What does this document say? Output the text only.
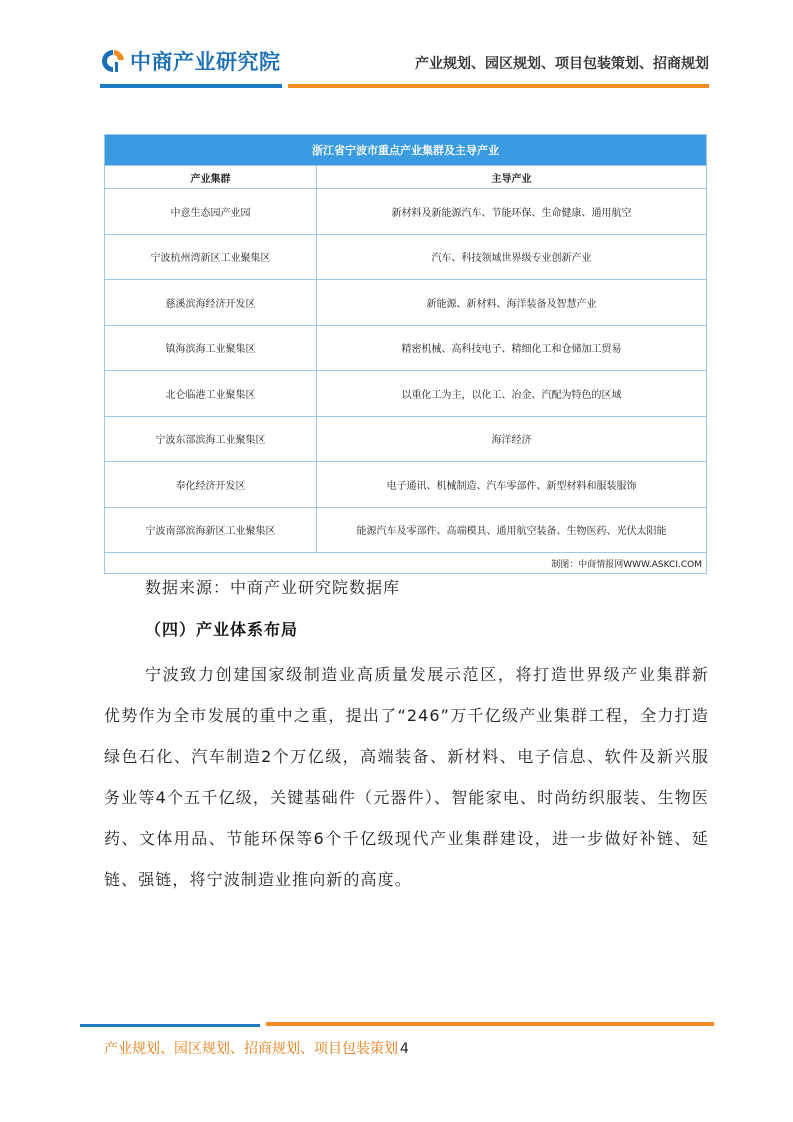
中商产业研究院	产业规划、园区规划、项目包装策划、招商规划
浙江省宁波市重点产业集群及主导产业
产业集群	主导产业
中意生态园产业园	新材料及新能源汽车、节能环保、生命健康、通用航空
宁波杭州湾新区工业聚集区	汽车、科技领域世界级专业创新产业
慈溪滨海经济开发区	新能源、新材料、海洋装备及智慧产业
镇海滨海工业聚集区	精密机械、高科技电子、精细化工和仓储加工贸易
北仑临港工业聚集区	以重化工为主，以化工、冶金、汽配为特色的区域
宁波东部滨海工业聚集区	海洋经济
奉化经济开发区	电子通讯、机械制造、汽车零部件、新型材料和服装服饰
宁波南部滨海新区工业聚集区	能源汽车及零部件、高端模具、通用航空装备、生物医药、光伏太阳能
制图：中商情报网WWW.ASKCI.COM
数据来源：中商产业研究院数据库
（四）产业体系布局
宁波致力创建国家级制造业高质量发展示范区，将打造世界级产业集群新优势作为全市发展的重中之重，提出了“246”万千亿级产业集群工程，全力打造绿色石化、汽车制造2个万亿级，高端装备、新材料、电子信息、软件及新兴服务业等4个五千亿级，关键基础件（元器件）、智能家电、时尚纺织服装、生物医药、文体用品、节能环保等6个千亿级现代产业集群建设，进一步做好补链、延链、强链，将宁波制造业推向新的高度。
产业规划、园区规划、招商规划、项目包装策划 4
